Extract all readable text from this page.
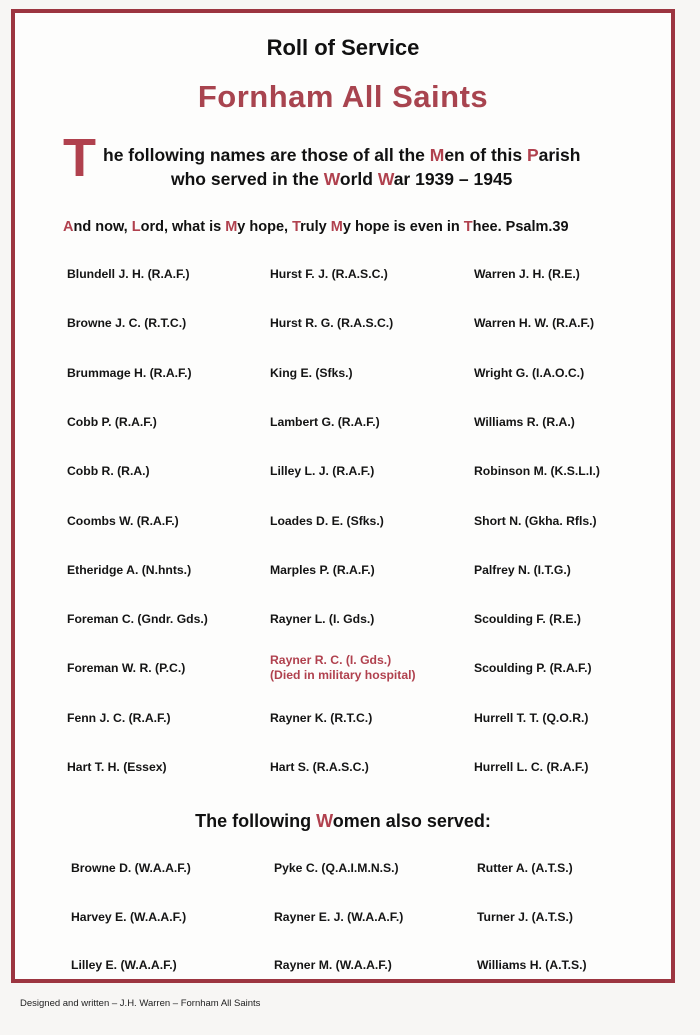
Roll of Service
Fornham All Saints
T he following names are those of all the Men of this Parish
who served in the World War 1939 – 1945
And now, Lord, what is My hope, Truly My hope is even in Thee. Psalm.39
Blundell J. H. (R.A.F.)
Browne J. C. (R.T.C.)
Brummage H. (R.A.F.)
Cobb P. (R.A.F.)
Cobb R. (R.A.)
Coombs W. (R.A.F.)
Etheridge A. (N.hnts.)
Foreman C. (Gndr. Gds.)
Foreman W. R. (P.C.)
Fenn J. C. (R.A.F.)
Hart T. H. (Essex)
Hurst F. J. (R.A.S.C.)
Hurst R. G. (R.A.S.C.)
King E. (Sfks.)
Lambert G. (R.A.F.)
Lilley L. J. (R.A.F.)
Loades D. E. (Sfks.)
Marples P. (R.A.F.)
Rayner L. (I. Gds.)
Rayner R. C. (I. Gds.)
(Died in military hospital)
Rayner K. (R.T.C.)
Hart S. (R.A.S.C.)
Warren J. H. (R.E.)
Warren H. W. (R.A.F.)
Wright G. (I.A.O.C.)
Williams R. (R.A.)
Robinson M. (K.S.L.I.)
Short N. (Gkha. Rfls.)
Palfrey N. (I.T.G.)
Scoulding F. (R.E.)
Scoulding P. (R.A.F.)
Hurrell T. T. (Q.O.R.)
Hurrell L. C. (R.A.F.)
The following Women also served:
Browne D. (W.A.A.F.)
Harvey E. (W.A.A.F.)
Lilley E. (W.A.A.F.)
Pyke C. (Q.A.I.M.N.S.)
Rayner E. J. (W.A.A.F.)
Rayner M. (W.A.A.F.)
Rutter A. (A.T.S.)
Turner J. (A.T.S.)
Williams H. (A.T.S.)
Designed and written – J.H. Warren – Fornham All Saints
